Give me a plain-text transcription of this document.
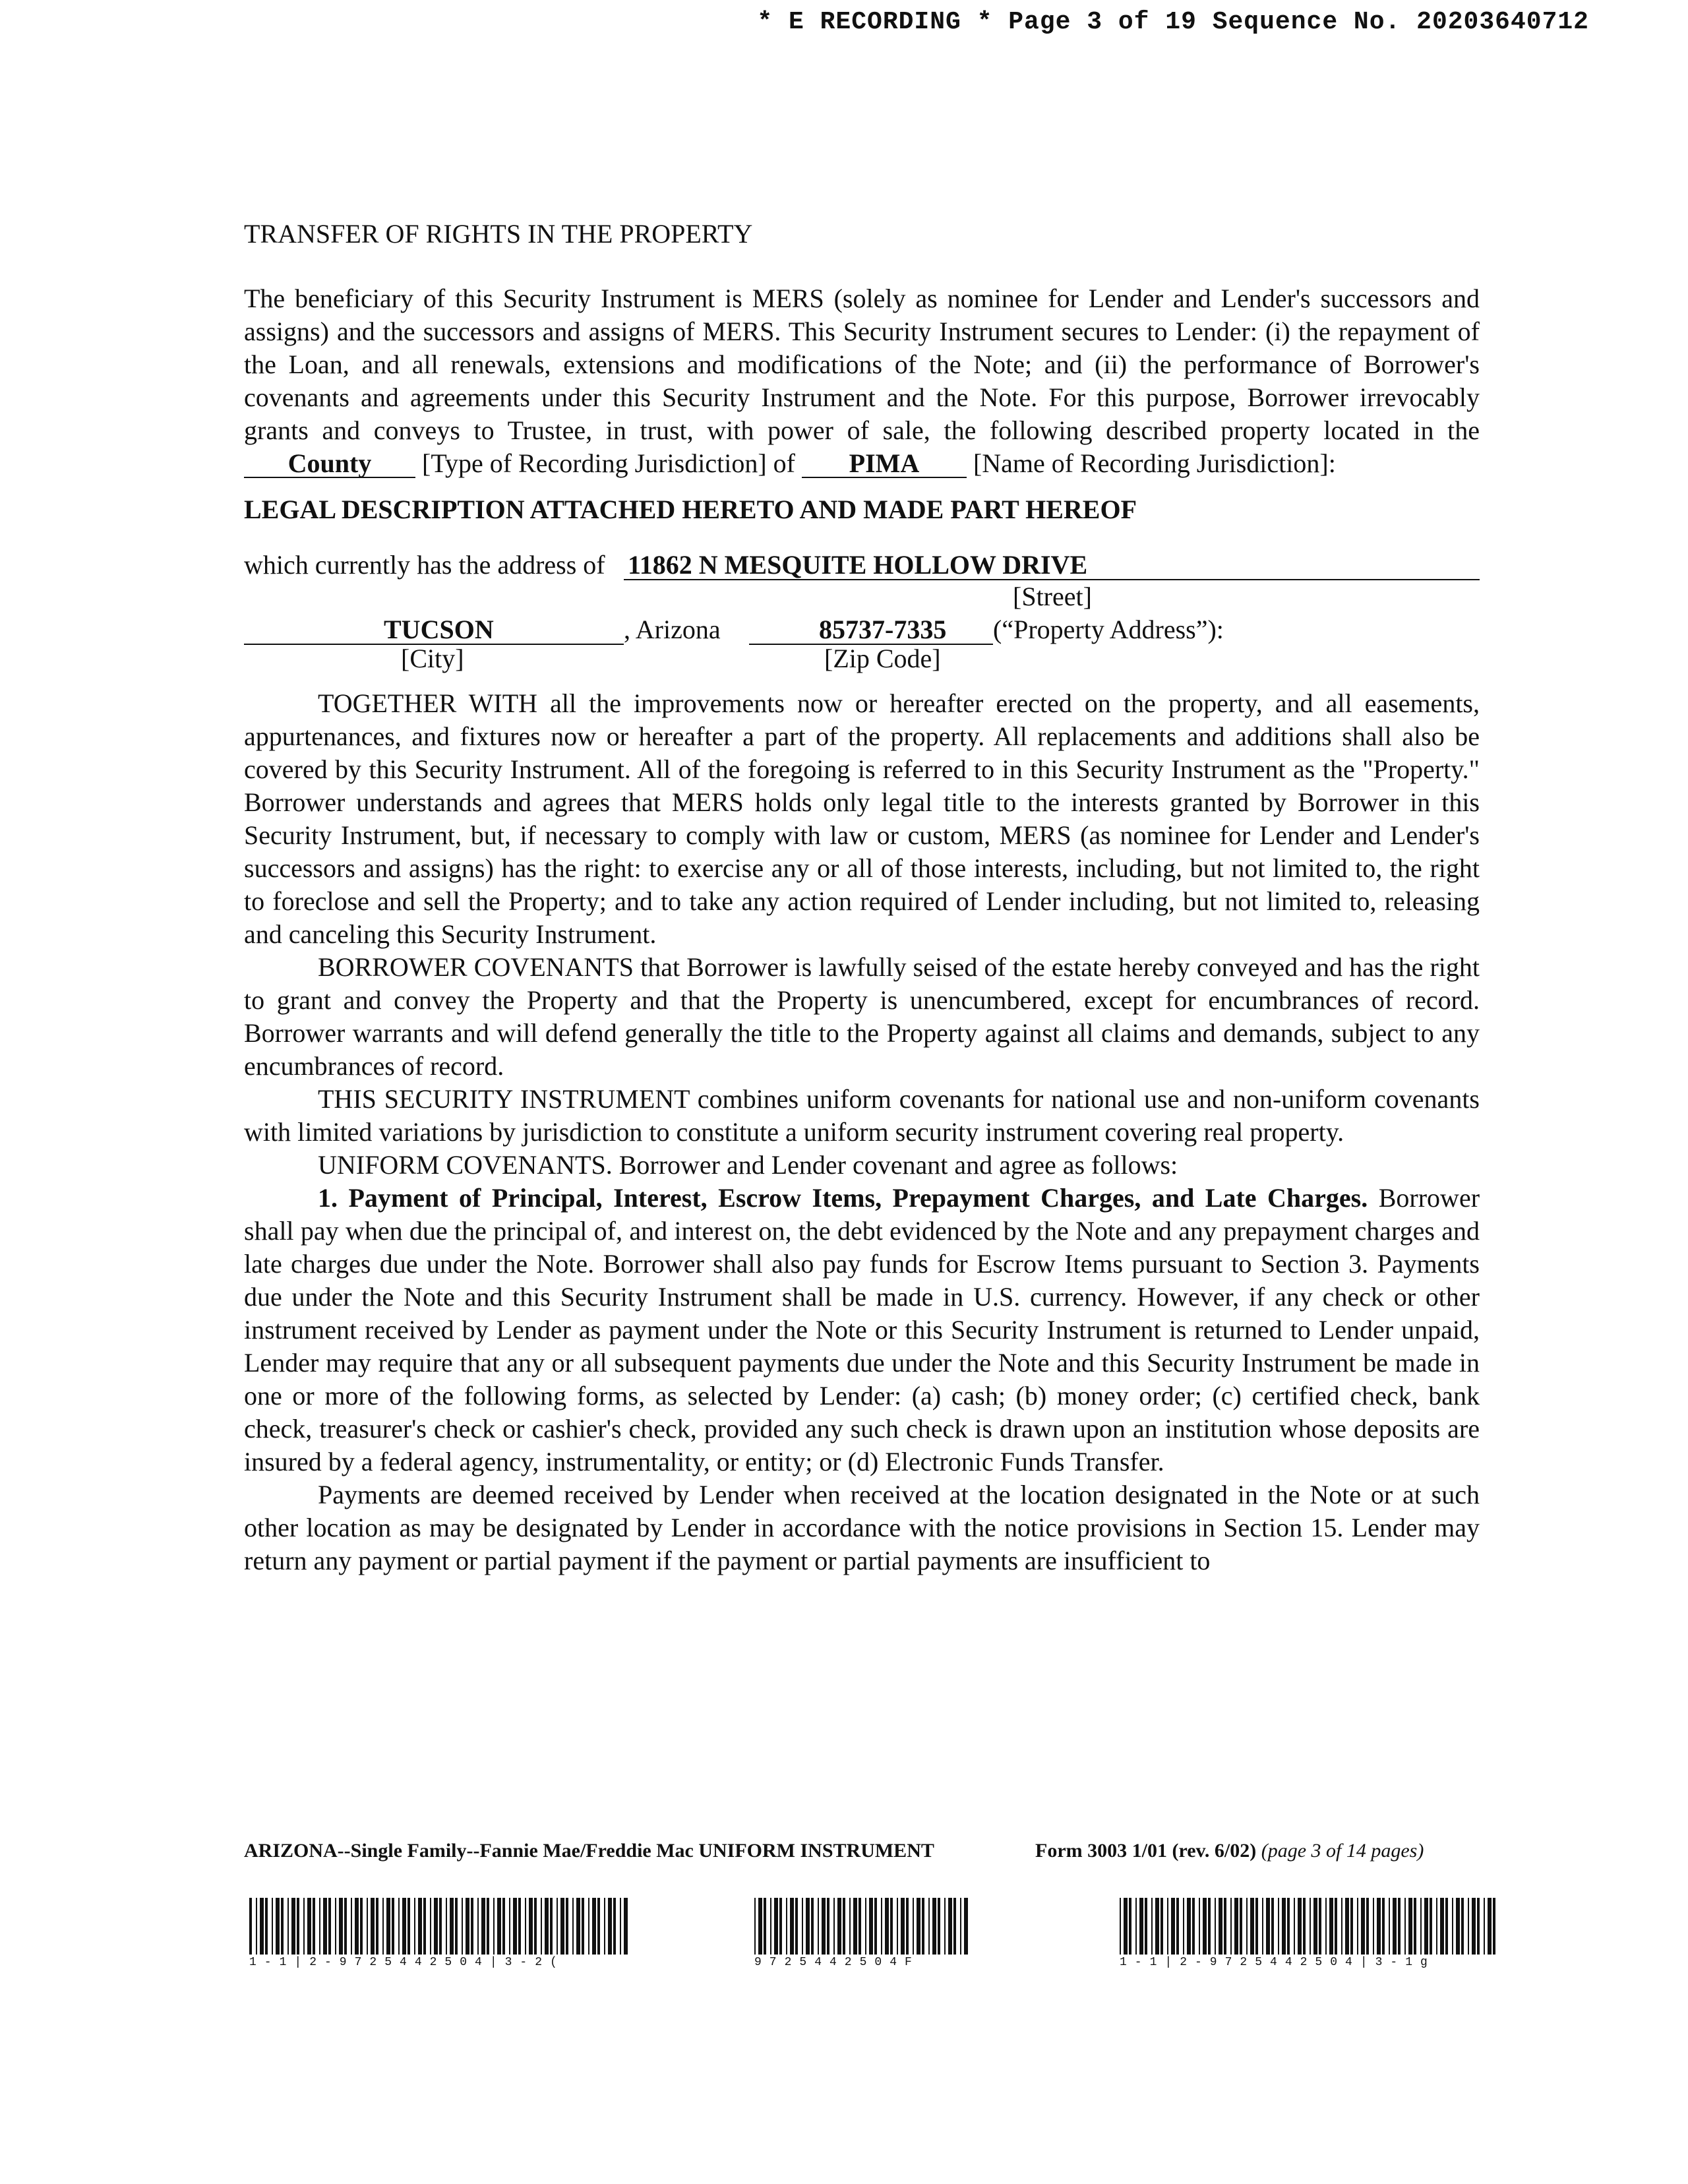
* E RECORDING * Page 3 of 19 Sequence No. 20203640712

TRANSFER OF RIGHTS IN THE PROPERTY

The beneficiary of this Security Instrument is MERS (solely as nominee for Lender and Lender's successors and assigns) and the successors and assigns of MERS. This Security Instrument secures to Lender: (i) the repayment of the Loan, and all renewals, extensions and modifications of the Note; and (ii) the performance of Borrower's covenants and agreements under this Security Instrument and the Note. For this purpose, Borrower irrevocably grants and conveys to Trustee, in trust, with power of sale, the following described property located in the County [Type of Recording Jurisdiction] of PIMA [Name of Recording Jurisdiction]:

LEGAL DESCRIPTION ATTACHED HERETO AND MADE PART HEREOF

which currently has the address of 11862 N MESQUITE HOLLOW DRIVE
[Street]
TUCSON	, Arizona	85737-7335 (“Property Address”):
[City]	[Zip Code]

TOGETHER WITH all the improvements now or hereafter erected on the property, and all easements, appurtenances, and fixtures now or hereafter a part of the property. All replacements and additions shall also be covered by this Security Instrument. All of the foregoing is referred to in this Security Instrument as the "Property." Borrower understands and agrees that MERS holds only legal title to the interests granted by Borrower in this Security Instrument, but, if necessary to comply with law or custom, MERS (as nominee for Lender and Lender's successors and assigns) has the right: to exercise any or all of those interests, including, but not limited to, the right to foreclose and sell the Property; and to take any action required of Lender including, but not limited to, releasing and canceling this Security Instrument.

BORROWER COVENANTS that Borrower is lawfully seised of the estate hereby conveyed and has the right to grant and convey the Property and that the Property is unencumbered, except for encumbrances of record. Borrower warrants and will defend generally the title to the Property against all claims and demands, subject to any encumbrances of record.

THIS SECURITY INSTRUMENT combines uniform covenants for national use and non-uniform covenants with limited variations by jurisdiction to constitute a uniform security instrument covering real property.

UNIFORM COVENANTS. Borrower and Lender covenant and agree as follows:

1. Payment of Principal, Interest, Escrow Items, Prepayment Charges, and Late Charges. Borrower shall pay when due the principal of, and interest on, the debt evidenced by the Note and any prepayment charges and late charges due under the Note. Borrower shall also pay funds for Escrow Items pursuant to Section 3. Payments due under the Note and this Security Instrument shall be made in U.S. currency. However, if any check or other instrument received by Lender as payment under the Note or this Security Instrument is returned to Lender unpaid, Lender may require that any or all subsequent payments due under the Note and this Security Instrument be made in one or more of the following forms, as selected by Lender: (a) cash; (b) money order; (c) certified check, bank check, treasurer's check or cashier's check, provided any such check is drawn upon an institution whose deposits are insured by a federal agency, instrumentality, or entity; or (d) Electronic Funds Transfer.

Payments are deemed received by Lender when received at the location designated in the Note or at such other location as may be designated by Lender in accordance with the notice provisions in Section 15. Lender may return any payment or partial payment if the payment or partial payments are insufficient to

ARIZONA--Single Family--Fannie Mae/Freddie Mac UNIFORM INSTRUMENT	Form 3003 1/01 (rev. 6/02) (page 3 of 14 pages)
1-1|2-9725442504|3-2(	9725442504F	1-1|2-9725442504|3-1g
